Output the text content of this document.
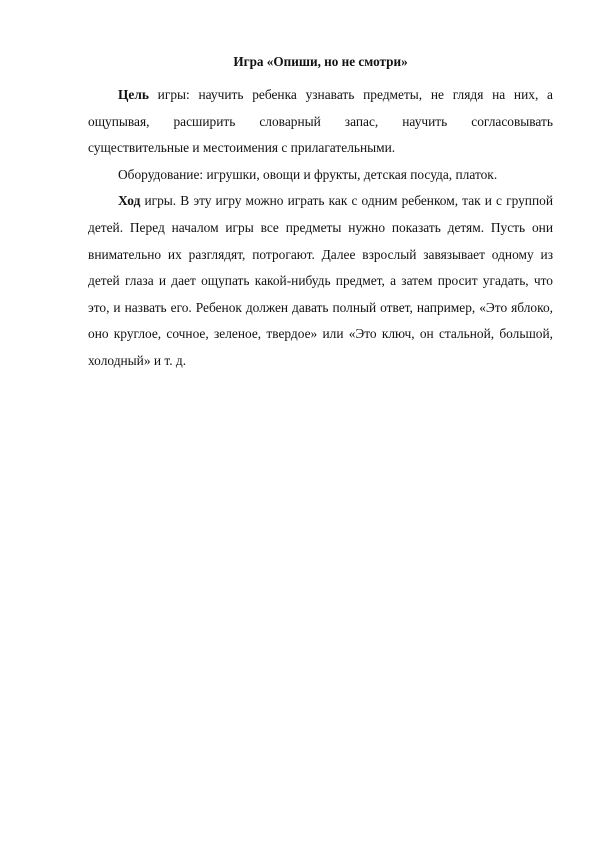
Игра «Опиши, но не смотри»

Цель игры: научить ребенка узнавать предметы, не глядя на них, а ощупывая, расширить словарный запас, научить согласовывать существительные и местоимения с прилагательными.

Оборудование: игрушки, овощи и фрукты, детская посуда, платок.

Ход игры. В эту игру можно играть как с одним ребенком, так и с группой детей. Перед началом игры все предметы нужно показать детям. Пусть они внимательно их разглядят, потрогают. Далее взрослый завязывает одному из детей глаза и дает ощупать какой-нибудь предмет, а затем просит угадать, что это, и назвать его. Ребенок должен давать полный ответ, например, «Это яблоко, оно круглое, сочное, зеленое, твердое» или «Это ключ, он стальной, большой, холодный» и т. д.
